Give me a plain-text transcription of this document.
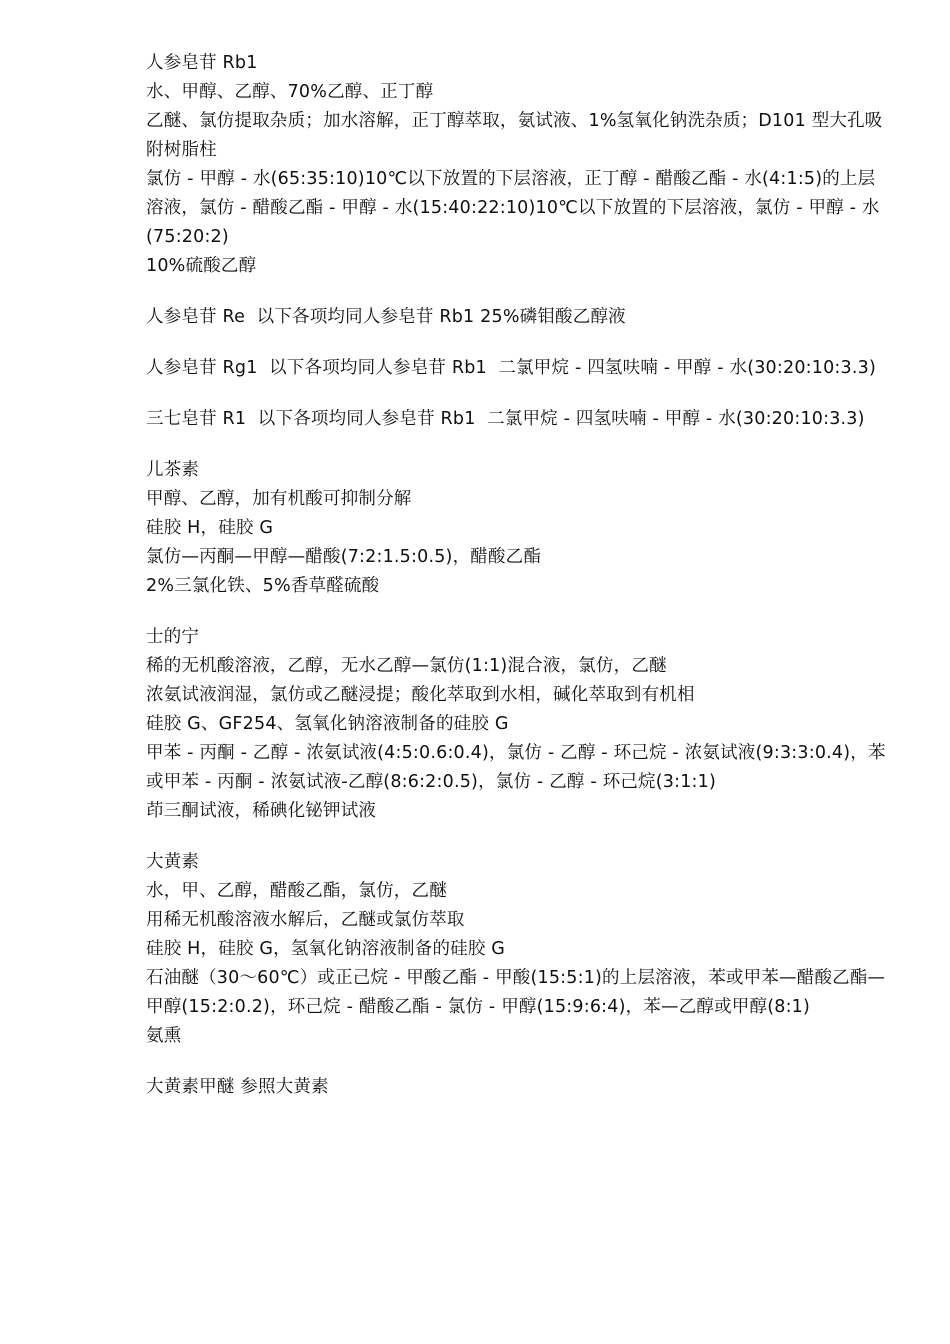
人参皂苷 Rb1
水、甲醇、乙醇、70%乙醇、正丁醇
乙醚、氯仿提取杂质；加水溶解，正丁醇萃取，氨试液、1%氢氧化钠洗杂质；D101 型大孔吸附树脂柱
氯仿 - 甲醇 - 水(65:35:10)10℃以下放置的下层溶液，正丁醇 - 醋酸乙酯 - 水(4:1:5)的上层溶液，氯仿 - 醋酸乙酯 - 甲醇 - 水(15:40:22:10)10℃以下放置的下层溶液，氯仿 - 甲醇 - 水(75:20:2)
10%硫酸乙醇
人参皂苷 Re  以下各项均同人参皂苷 Rb1 25%磷钼酸乙醇液
人参皂苷 Rg1  以下各项均同人参皂苷 Rb1  二氯甲烷 - 四氢呋喃 - 甲醇 - 水(30:20:10:3.3)
三七皂苷 R1  以下各项均同人参皂苷 Rb1  二氯甲烷 - 四氢呋喃 - 甲醇 - 水(30:20:10:3.3)
儿茶素
甲醇、乙醇，加有机酸可抑制分解
硅胶 H，硅胶 G
氯仿—丙酮—甲醇—醋酸(7:2:1.5:0.5)，醋酸乙酯
2%三氯化铁、5%香草醛硫酸
士的宁
稀的无机酸溶液，乙醇，无水乙醇—氯仿(1:1)混合液，氯仿，乙醚
浓氨试液润湿，氯仿或乙醚浸提；酸化萃取到水相，碱化萃取到有机相
硅胶 G、GF254、氢氧化钠溶液制备的硅胶 G
甲苯 - 丙酮 - 乙醇 - 浓氨试液(4:5:0.6:0.4)，氯仿 - 乙醇 - 环己烷 - 浓氨试液(9:3:3:0.4)，苯或甲苯 - 丙酮 - 浓氨试液-乙醇(8:6:2:0.5)，氯仿 - 乙醇 - 环己烷(3:1:1)
茚三酮试液，稀碘化铋钾试液
大黄素
水，甲、乙醇，醋酸乙酯，氯仿，乙醚
用稀无机酸溶液水解后，乙醚或氯仿萃取
硅胶 H，硅胶 G，氢氧化钠溶液制备的硅胶 G
石油醚（30～60℃）或正己烷 - 甲酸乙酯 - 甲酸(15:5:1)的上层溶液，苯或甲苯—醋酸乙酯—甲醇(15:2:0.2)，环己烷 - 醋酸乙酯 - 氯仿 - 甲醇(15:9:6:4)，苯—乙醇或甲醇(8:1)
氨熏
大黄素甲醚 参照大黄素
